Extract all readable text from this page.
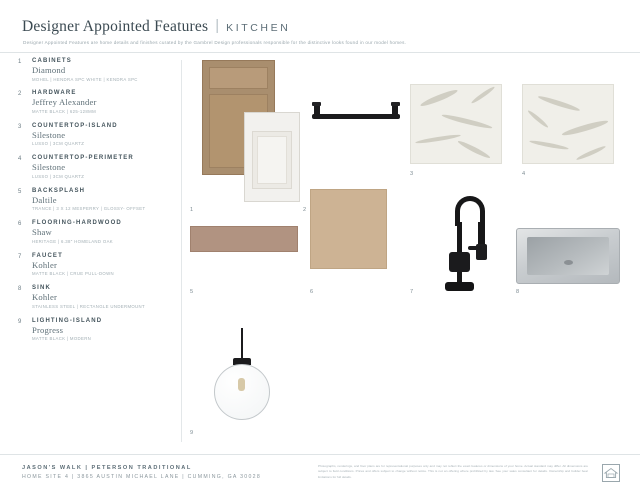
Designer Appointed Features | KITCHEN
Designer Appointed Features are home details and finishes curated by the Gambrel Design professionals responsible for the distinctive looks found in our model homes.
1 CABINETS
Diamond
MOHEL | HENDRA SPC WHITE | KENDRA SPC
2 HARDWARE
Jeffrey Alexander
MATTE BLACK | 625-128MM
3 COUNTERTOP-ISLAND
Silestone
LUSSO | 3CM QUARTZ
4 COUNTERTOP-PERIMETER
Silestone
LUSSO | 3CM QUARTZ
5 BACKSPLASH
Daltile
TRANCE | 3 X 12 MESPERRY | GLOSSY- OFFSET
6 FLOORING-HARDWOOD
Shaw
HERITAGE | 6.38" HOMELAND OAK
7 FAUCET
Kohler
MATTE BLACK | CRUE PULL-DOWN
8 SINK
Kohler
STAINLESS STEEL | RECTANGLE UNDERMOUNT
9 LIGHTING-ISLAND
Progress
MATTE BLACK | MODERN
1	2
3	4
5	6	7	8
9
JASON'S WALK | PETERSON TRADITIONAL
HOME SITE 4 | 3865 AUSTIN MICHAEL LANE | CUMMING, GA 30028
Photographs, renderings, and floor plans are for representational purposes only and may not reflect the exact features or dimensions of your home. Actual standard may differ. All dimensions are subject to field conditions. Prices and offers subject to change without notice. This is not an offering where prohibited by law. See your sales consultant for details. Ownership and builder bear limitations for full details.
